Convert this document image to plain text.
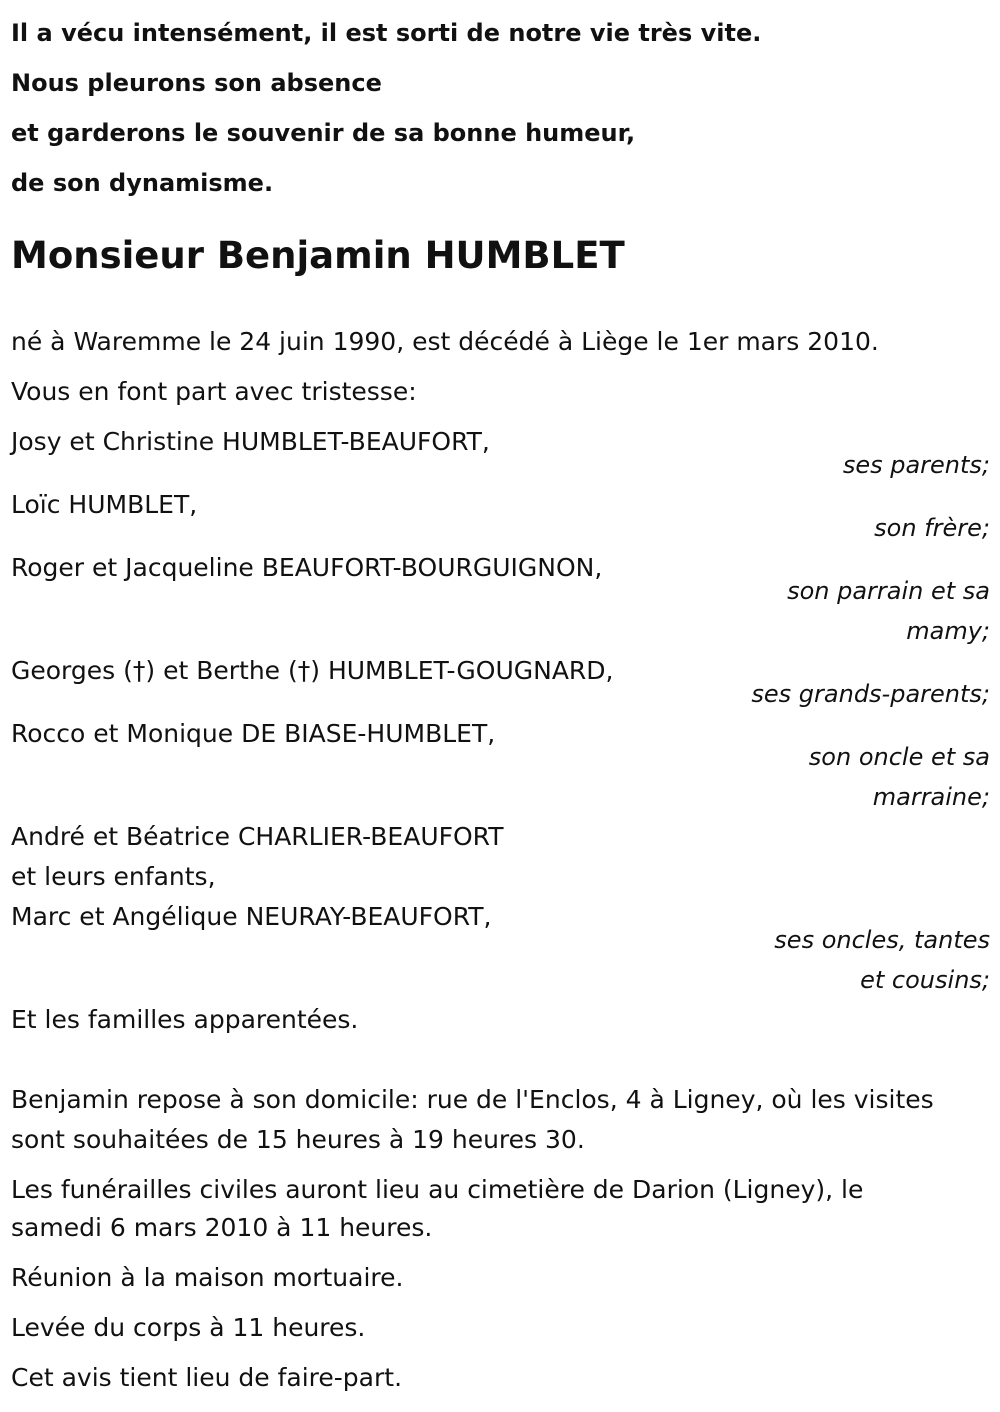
Il a vécu intensément, il est sorti de notre vie très vite.
Nous pleurons son absence
et garderons le souvenir de sa bonne humeur,
de son dynamisme.
Monsieur Benjamin HUMBLET
né à Waremme le 24 juin 1990, est décédé à Liège le 1er mars 2010.
Vous en font part avec tristesse:
Josy et Christine HUMBLET-BEAUFORT,
ses parents;
Loïc HUMBLET,
son frère;
Roger et Jacqueline BEAUFORT-BOURGUIGNON,
son parrain et sa
mamy;
Georges (†) et Berthe (†) HUMBLET-GOUGNARD,
ses grands-parents;
Rocco et Monique DE BIASE-HUMBLET,
son oncle et sa
marraine;
André et Béatrice CHARLIER-BEAUFORT
et leurs enfants,
Marc et Angélique NEURAY-BEAUFORT,
ses oncles, tantes
et cousins;
Et les familles apparentées.
Benjamin repose à son domicile: rue de l'Enclos, 4 à Ligney, où les visites
sont souhaitées de 15 heures à 19 heures 30.
Les funérailles civiles auront lieu au cimetière de Darion (Ligney), le
samedi 6 mars 2010 à 11 heures.
Réunion à la maison mortuaire.
Levée du corps à 11 heures.
Cet avis tient lieu de faire-part.
